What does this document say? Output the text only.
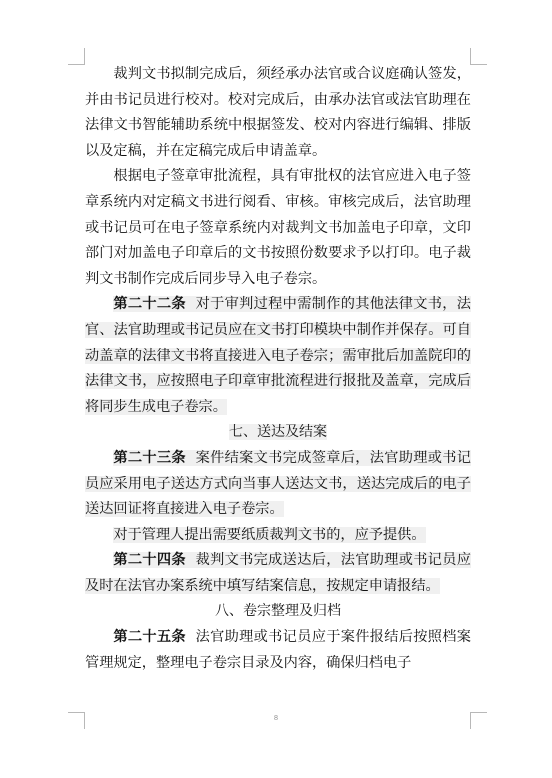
裁判文书拟制完成后，须经承办法官或合议庭确认签发，并由书记员进行校对。校对完成后，由承办法官或法官助理在法律文书智能辅助系统中根据签发、校对内容进行编辑、排版以及定稿，并在定稿完成后申请盖章。

根据电子签章审批流程，具有审批权的法官应进入电子签章系统内对定稿文书进行阅看、审核。审核完成后，法官助理或书记员可在电子签章系统内对裁判文书加盖电子印章，文印部门对加盖电子印章后的文书按照份数要求予以打印。电子裁判文书制作完成后同步导入电子卷宗。

第二十二条 对于审判过程中需制作的其他法律文书，法官、法官助理或书记员应在文书打印模块中制作并保存。可自动盖章的法律文书将直接进入电子卷宗；需审批后加盖院印的法律文书，应按照电子印章审批流程进行报批及盖章，完成后将同步生成电子卷宗。

七、送达及结案

第二十三条 案件结案文书完成签章后，法官助理或书记员应采用电子送达方式向当事人送达文书，送达完成后的电子送达回证将直接进入电子卷宗。

对于管理人提出需要纸质裁判文书的，应予提供。

第二十四条 裁判文书完成送达后，法官助理或书记员应及时在法官办案系统中填写结案信息，按规定申请报结。

八、卷宗整理及归档

第二十五条 法官助理或书记员应于案件报结后按照档案管理规定，整理电子卷宗目录及内容，确保归档电子

8
